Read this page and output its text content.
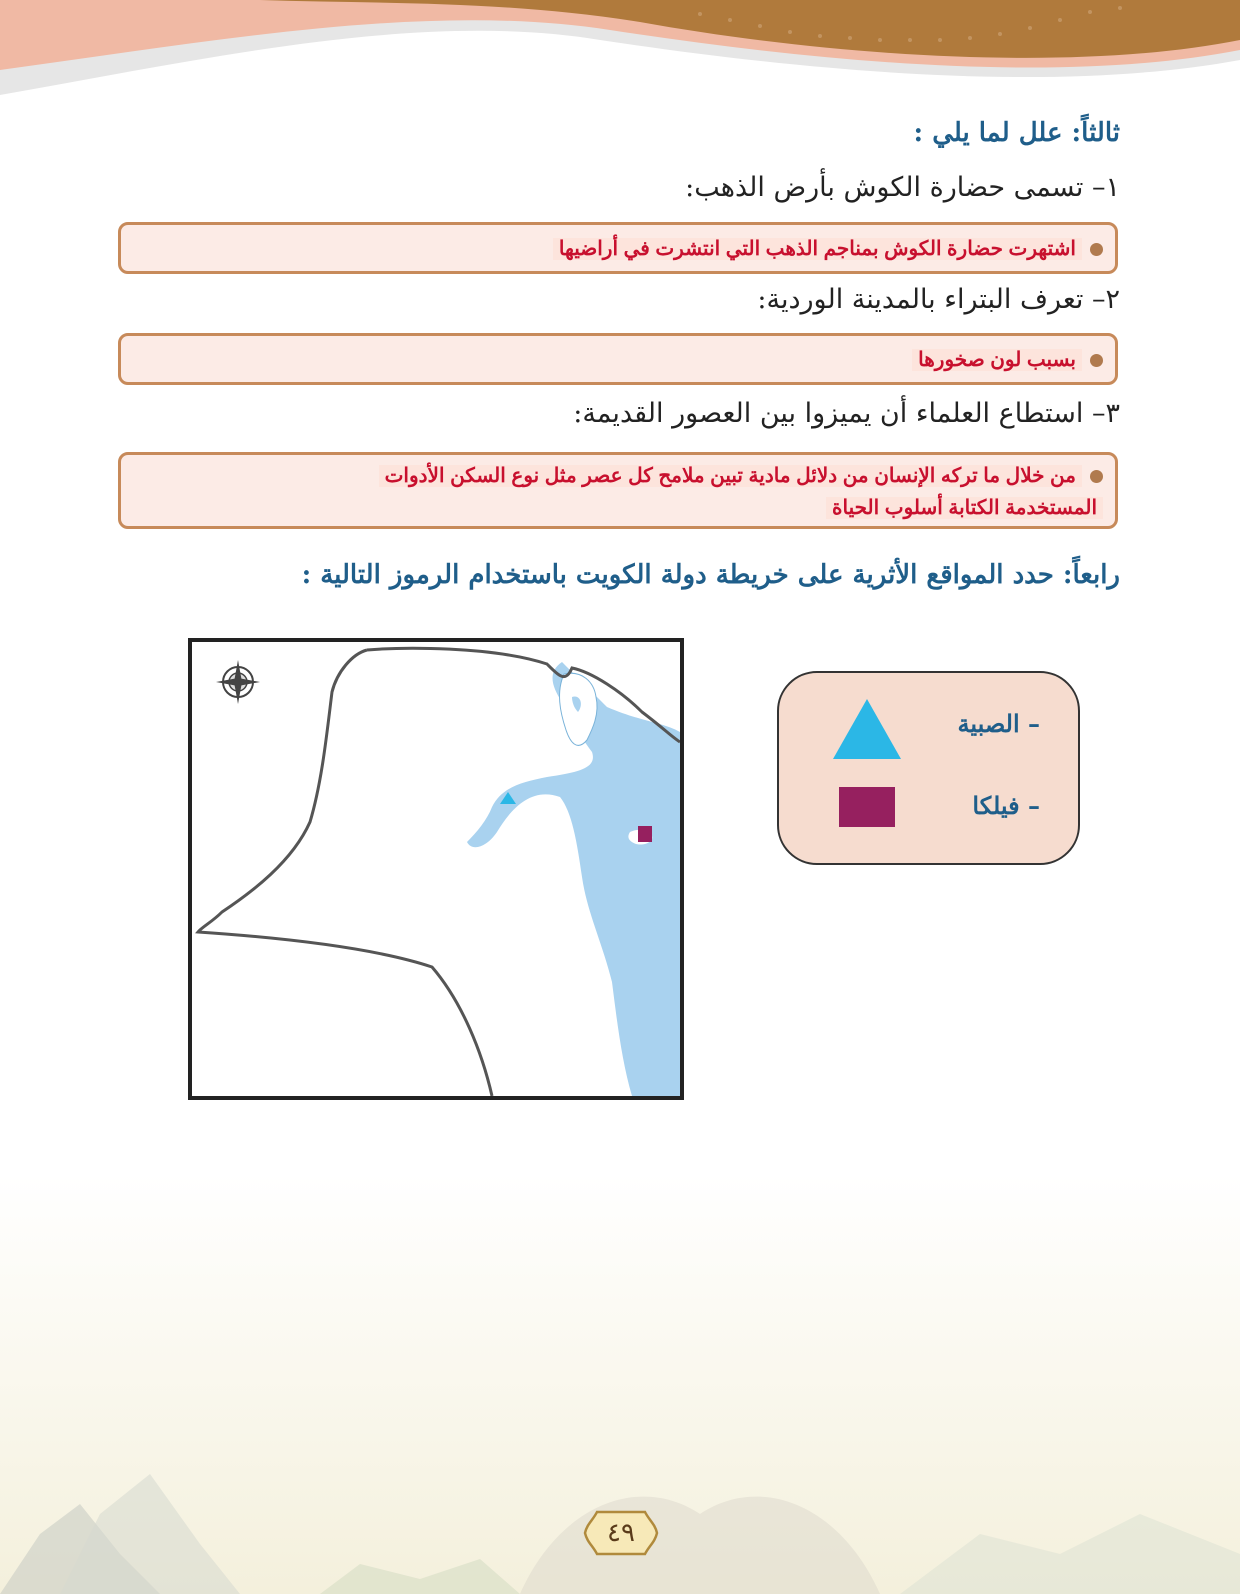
ثالثاً: علل لما يلي :
١– تسمى حضارة الكوش بأرض الذهب:
اشتهرت حضارة الكوش بمناجم الذهب التي انتشرت في أراضيها
٢– تعرف البتراء بالمدينة الوردية:
بسبب لون صخورها
٣– استطاع العلماء أن يميزوا بين العصور القديمة:
من خلال ما تركه الإنسان من دلائل مادية تبين ملامح كل عصر مثل نوع السكن الأدوات
المستخدمة الكتابة أسلوب الحياة
رابعاً: حدد المواقع الأثرية على خريطة دولة الكويت باستخدام الرموز التالية :
– الصبية
– فيلكا
٤٩
